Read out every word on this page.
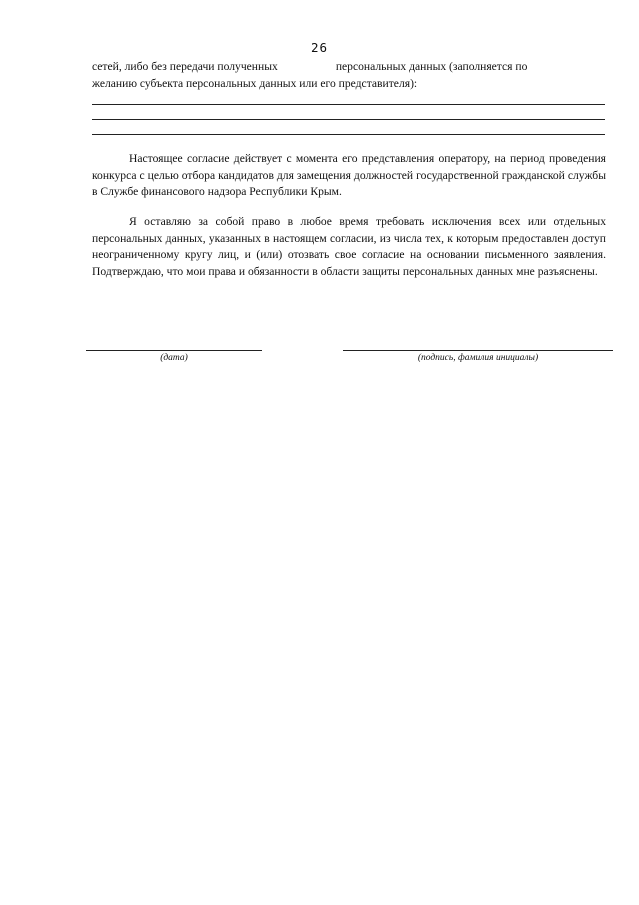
26
сетей, либо без передачи полученных	персональных данных (заполняется по
желанию субъекта персональных данных или его представителя):

Настоящее согласие действует с момента его представления оператору, на период проведения конкурса с целью отбора кандидатов для замещения должностей государственной гражданской службы в Службе финансового надзора Республики Крым.

Я оставляю за собой право в любое время требовать исключения всех или отдельных персональных данных, указанных в настоящем согласии, из числа тех, к которым предоставлен доступ неограниченному кругу лиц, и (или) отозвать свое согласие на основании письменного заявления. Подтверждаю, что мои права и обязанности в области защиты персональных данных мне разъяснены.

(дата)	(подпись, фамилия инициалы)
